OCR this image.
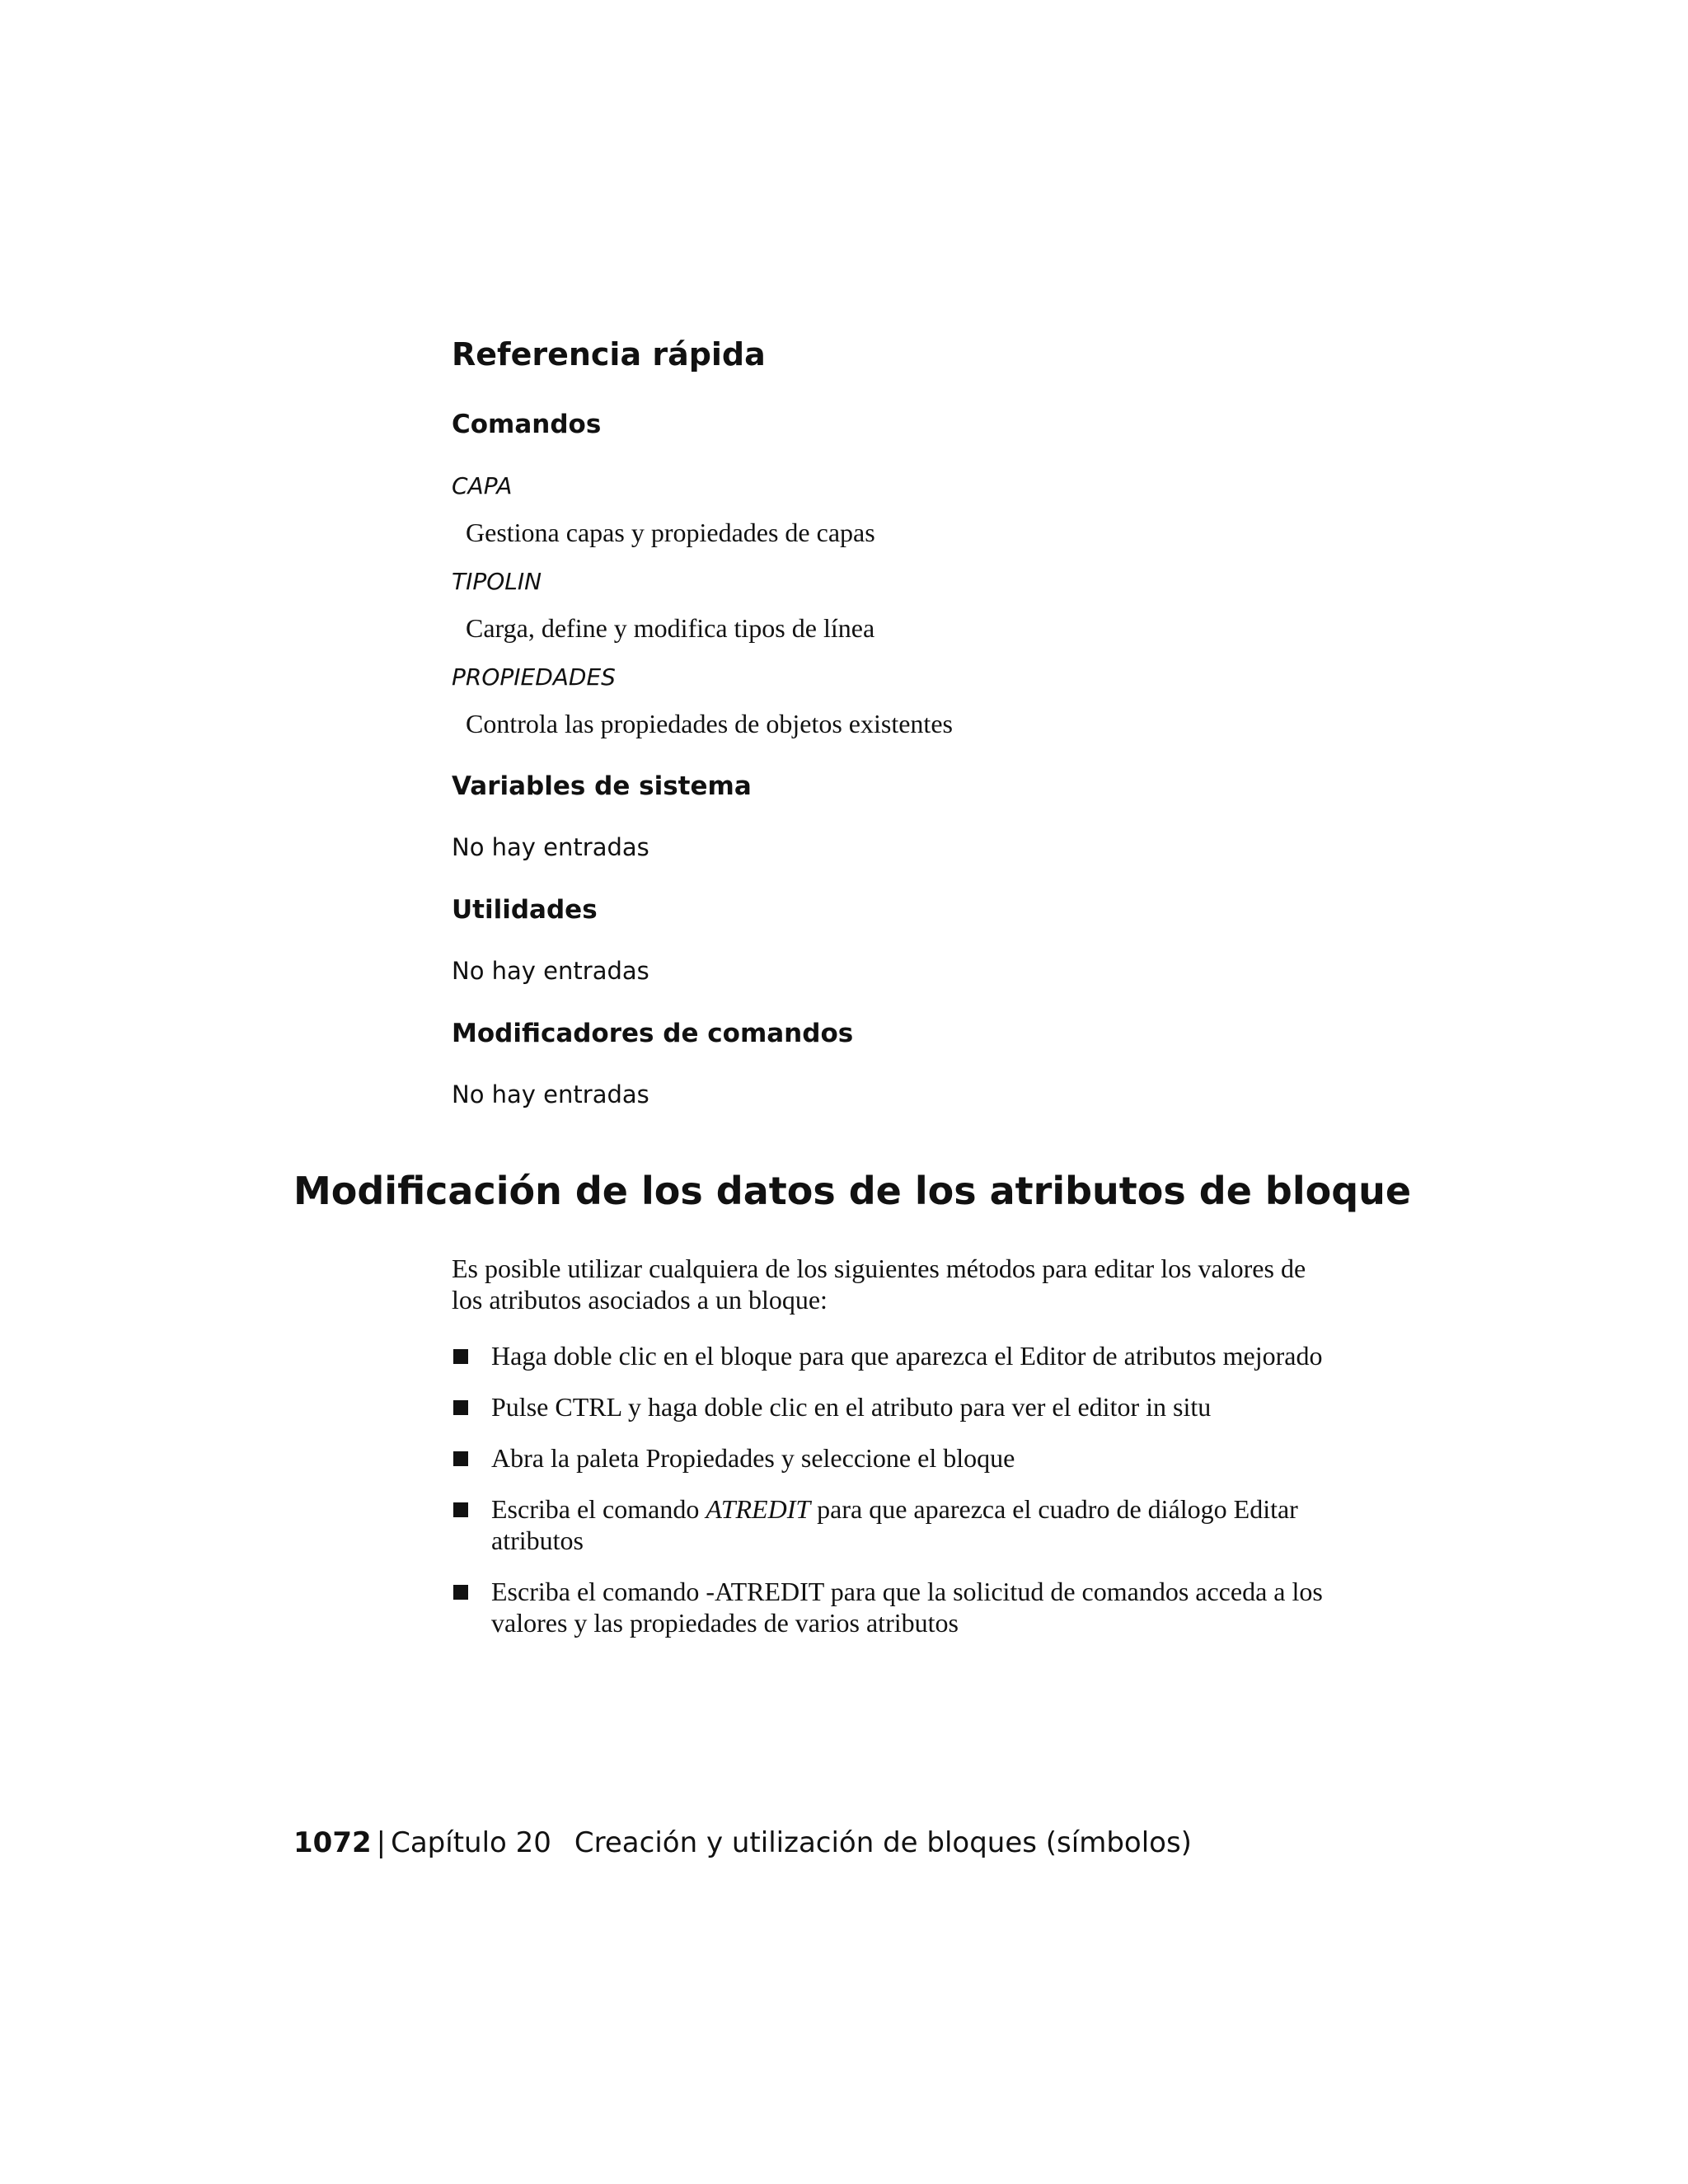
Referencia rápida
Comandos

CAPA

Gestiona capas y propiedades de capas

TIPOLIN

Carga, define y modifica tipos de línea

PROPIEDADES

Controla las propiedades de objetos existentes

Variables de sistema

No hay entradas

Utilidades

No hay entradas

Modificadores de comandos

No hay entradas

Modificación de los datos de los atributos de bloque

Es posible utilizar cualquiera de los siguientes métodos para editar los valores de los atributos asociados a un bloque:

Haga doble clic en el bloque para que aparezca el Editor de atributos mejorado
Pulse CTRL y haga doble clic en el atributo para ver el editor in situ
Abra la paleta Propiedades y seleccione el bloque
Escriba el comando ATREDIT para que aparezca el cuadro de diálogo Editar atributos
Escriba el comando -ATREDIT para que la solicitud de comandos acceda a los valores y las propiedades de varios atributos

1072 | Capítulo 20 Creación y utilización de bloques (símbolos)
